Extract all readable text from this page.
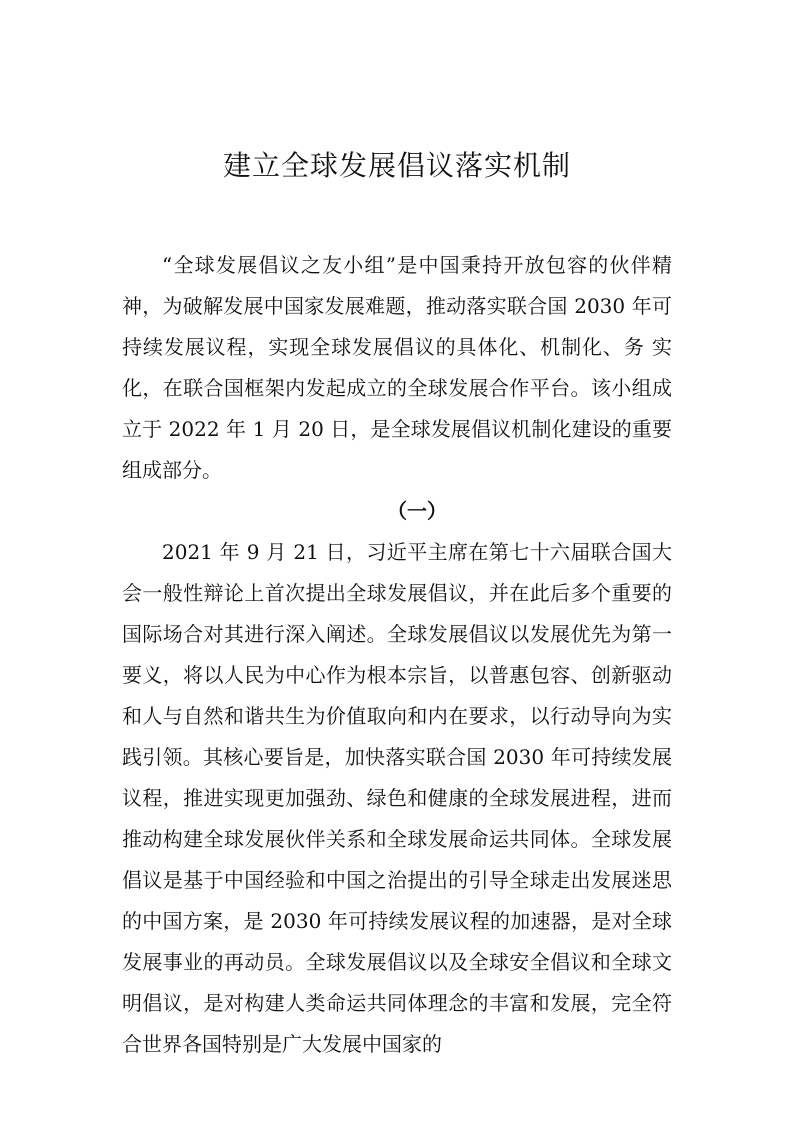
建立全球发展倡议落实机制

“全球发展倡议之友小组”是中国秉持开放包容的伙伴精神，为破解发展中国家发展难题，推动落实联合国 2030 年可持续发展议程，实现全球发展倡议的具体化、机制化、务 实化，在联合国框架内发起成立的全球发展合作平台。该小组成立于 2022 年 1 月 20 日，是全球发展倡议机制化建设的重要组成部分。

（一）

2021 年 9 月 21 日，习近平主席在第七十六届联合国大会一般性辩论上首次提出全球发展倡议，并在此后多个重要的国际场合对其进行深入阐述。全球发展倡议以发展优先为第一要义，将以人民为中心作为根本宗旨，以普惠包容、创新驱动和人与自然和谐共生为价值取向和内在要求，以行动导向为实践引领。其核心要旨是，加快落实联合国 2030 年可持续发展议程，推进实现更加强劲、绿色和健康的全球发展进程，进而推动构建全球发展伙伴关系和全球发展命运共同体。全球发展倡议是基于中国经验和中国之治提出的引导全球走出发展迷思的中国方案，是 2030 年可持续发展议程的加速器，是对全球发展事业的再动员。全球发展倡议以及全球安全倡议和全球文明倡议，是对构建人类命运共同体理念的丰富和发展，完全符合世界各国特别是广大发展中国家的
